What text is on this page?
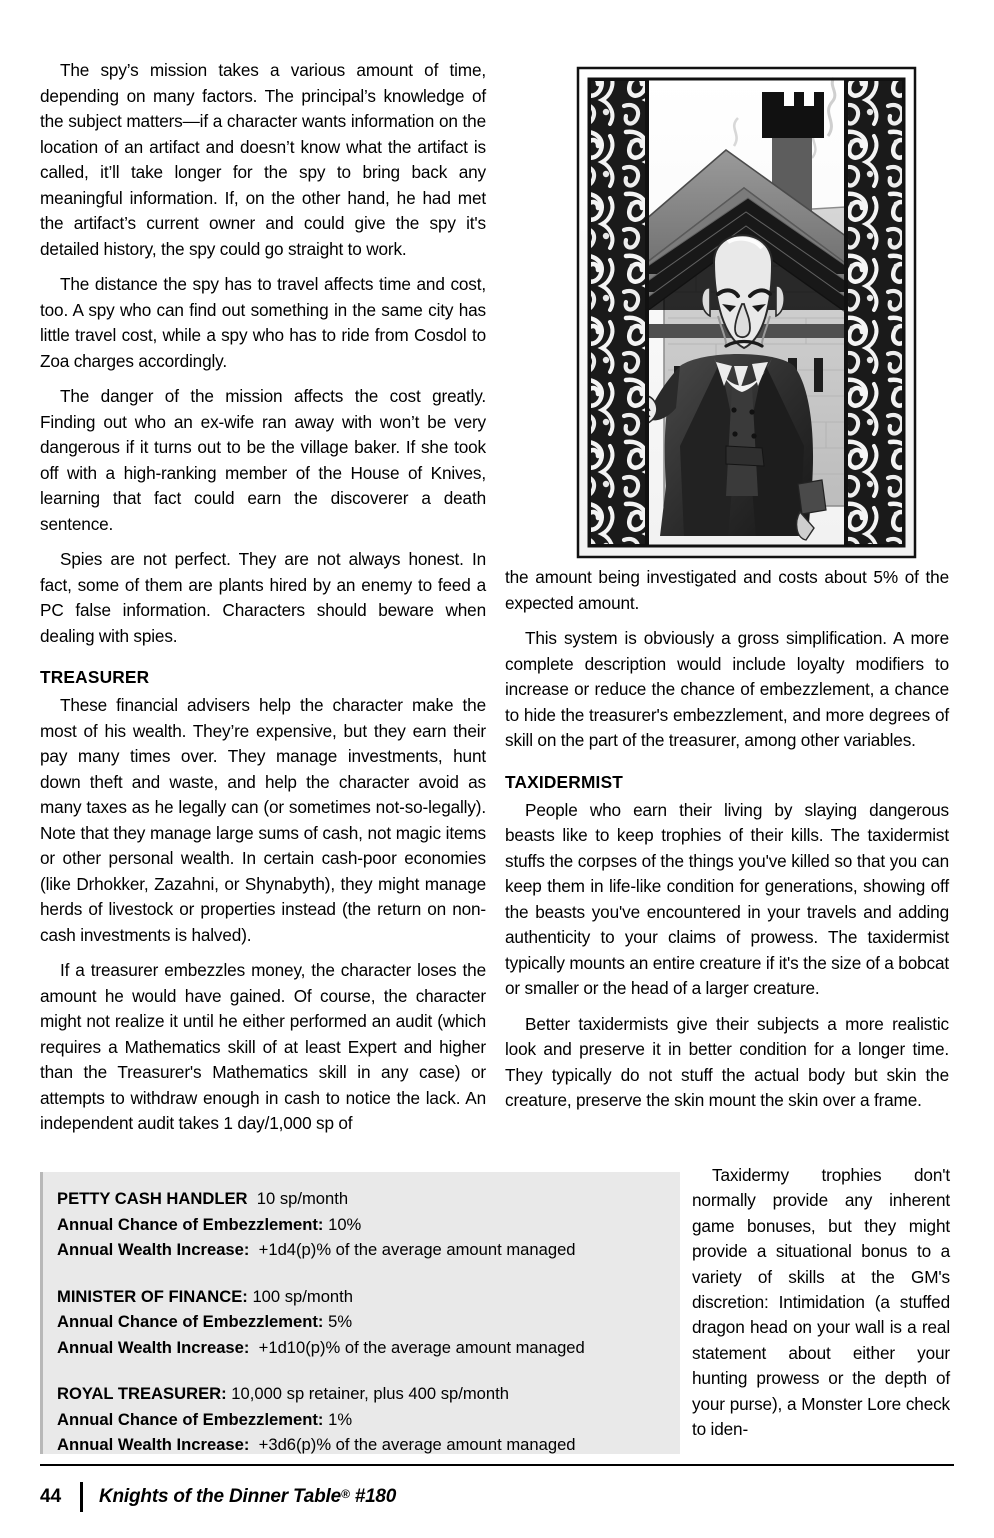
The spy’s mission takes a various amount of time, depending on many factors. The principal’s knowledge of the subject matters—if a character wants information on the location of an artifact and doesn’t know what the artifact is called, it’ll take longer for the spy to bring back any meaningful information. If, on the other hand, he had met the artifact’s current owner and could give the spy it's detailed history, the spy could go straight to work.

The distance the spy has to travel affects time and cost, too. A spy who can find out something in the same city has little travel cost, while a spy who has to ride from Cosdol to Zoa charges accordingly.

The danger of the mission affects the cost greatly. Finding out who an ex-wife ran away with won’t be very dangerous if it turns out to be the village baker. If she took off with a high-ranking member of the House of Knives, learning that fact could earn the discoverer a death sentence.

Spies are not perfect. They are not always honest. In fact, some of them are plants hired by an enemy to feed a PC false information. Characters should beware when dealing with spies.

TREASURER

These financial advisers help the character make the most of his wealth. They’re expensive, but they earn their pay many times over. They manage investments, hunt down theft and waste, and help the character avoid as many taxes as he legally can (or sometimes not-so-legally). Note that they manage large sums of cash, not magic items or other personal wealth. In certain cash-poor economies (like Drhokker, Zazahni, or Shynabyth), they might manage herds of livestock or properties instead (the return on non-cash investments is halved).

If a treasurer embezzles money, the character loses the amount he would have gained. Of course, the character might not realize it until he either performed an audit (which requires a Mathematics skill of at least Expert and higher than the Treasurer's Mathematics skill in any case) or attempts to withdraw enough in cash to notice the lack. An independent audit takes 1 day/1,000 sp of

the amount being investigated and costs about 5% of the expected amount.

This system is obviously a gross simplification. A more complete description would include loyalty modifiers to increase or reduce the chance of embezzlement, a chance to hide the treasurer's embezzlement, and more degrees of skill on the part of the treasurer, among other variables.

TAXIDERMIST

People who earn their living by slaying dangerous beasts like to keep trophies of their kills. The taxidermist stuffs the corpses of the things you've killed so that you can keep them in life-like condition for generations, showing off the beasts you've encountered in your travels and adding authenticity to your claims of prowess. The taxidermist typically mounts an entire creature if it's the size of a bobcat or smaller or the head of a larger creature.

Better taxidermists give their subjects a more realistic look and preserve it in better condition for a longer time. They typically do not stuff the actual body but skin the creature, preserve the skin mount the skin over a frame.

PETTY CASH HANDLER 10 sp/month
Annual Chance of Embezzlement: 10%
Annual Wealth Increase: +1d4(p)% of the average amount managed
MINISTER OF FINANCE: 100 sp/month
Annual Chance of Embezzlement: 5%
Annual Wealth Increase: +1d10(p)% of the average amount managed
ROYAL TREASURER: 10,000 sp retainer, plus 400 sp/month
Annual Chance of Embezzlement: 1%
Annual Wealth Increase: +3d6(p)% of the average amount managed

Taxidermy trophies don't normally provide any inherent game bonuses, but they might provide a situational bonus to a variety of skills at the GM's discretion: Intimidation (a stuffed dragon head on your wall is a real statement about either your hunting prowess or the depth of your purse), a Monster Lore check to iden-

44	Knights of the Dinner Table® #180
